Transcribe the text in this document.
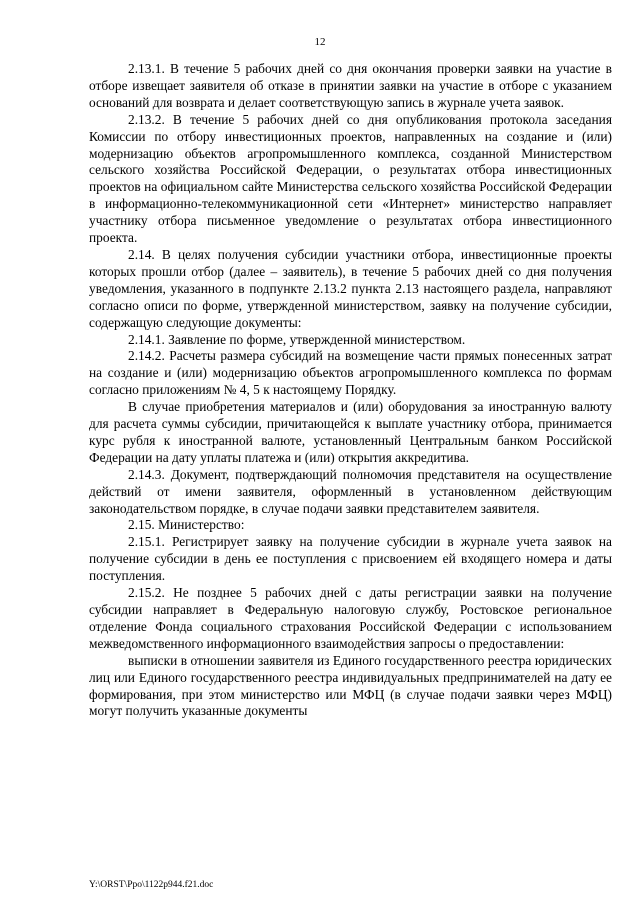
12

2.13.1. В течение 5 рабочих дней со дня окончания проверки заявки на участие в отборе извещает заявителя об отказе в принятии заявки на участие в отборе с указанием оснований для возврата и делает соответствующую запись в журнале учета заявок.

2.13.2. В течение 5 рабочих дней со дня опубликования протокола заседания Комиссии по отбору инвестиционных проектов, направленных на создание и (или) модернизацию объектов агропромышленного комплекса, созданной Министерством сельского хозяйства Российской Федерации, о результатах отбора инвестиционных проектов на официальном сайте Министерства сельского хозяйства Российской Федерации в информационно-телекоммуникационной сети «Интернет» министерство направляет участнику отбора письменное уведомление о результатах отбора инвестиционного проекта.

2.14. В целях получения субсидии участники отбора, инвестиционные проекты которых прошли отбор (далее – заявитель), в течение 5 рабочих дней со дня получения уведомления, указанного в подпункте 2.13.2 пункта 2.13 настоящего раздела, направляют согласно описи по форме, утвержденной министерством, заявку на получение субсидии, содержащую следующие документы:

2.14.1. Заявление по форме, утвержденной министерством.

2.14.2. Расчеты размера субсидий на возмещение части прямых понесенных затрат на создание и (или) модернизацию объектов агропромышленного комплекса по формам согласно приложениям № 4, 5 к настоящему Порядку.

В случае приобретения материалов и (или) оборудования за иностранную валюту для расчета суммы субсидии, причитающейся к выплате участнику отбора, принимается курс рубля к иностранной валюте, установленный Центральным банком Российской Федерации на дату уплаты платежа и (или) открытия аккредитива.

2.14.3. Документ, подтверждающий полномочия представителя на осуществление действий от имени заявителя, оформленный в установленном действующим законодательством порядке, в случае подачи заявки представителем заявителя.

2.15. Министерство:

2.15.1. Регистрирует заявку на получение субсидии в журнале учета заявок на получение субсидии в день ее поступления с присвоением ей входящего номера и даты поступления.

2.15.2. Не позднее 5 рабочих дней с даты регистрации заявки на получение субсидии направляет в Федеральную налоговую службу, Ростовское региональное отделение Фонда социального страхования Российской Федерации с использованием межведомственного информационного взаимодействия запросы о предоставлении:

выписки в отношении заявителя из Единого государственного реестра юридических лиц или Единого государственного реестра индивидуальных предпринимателей на дату ее формирования, при этом министерство или МФЦ (в случае подачи заявки через МФЦ) могут получить указанные документы

Y:\ORST\Ppo\1122p944.f21.doc
